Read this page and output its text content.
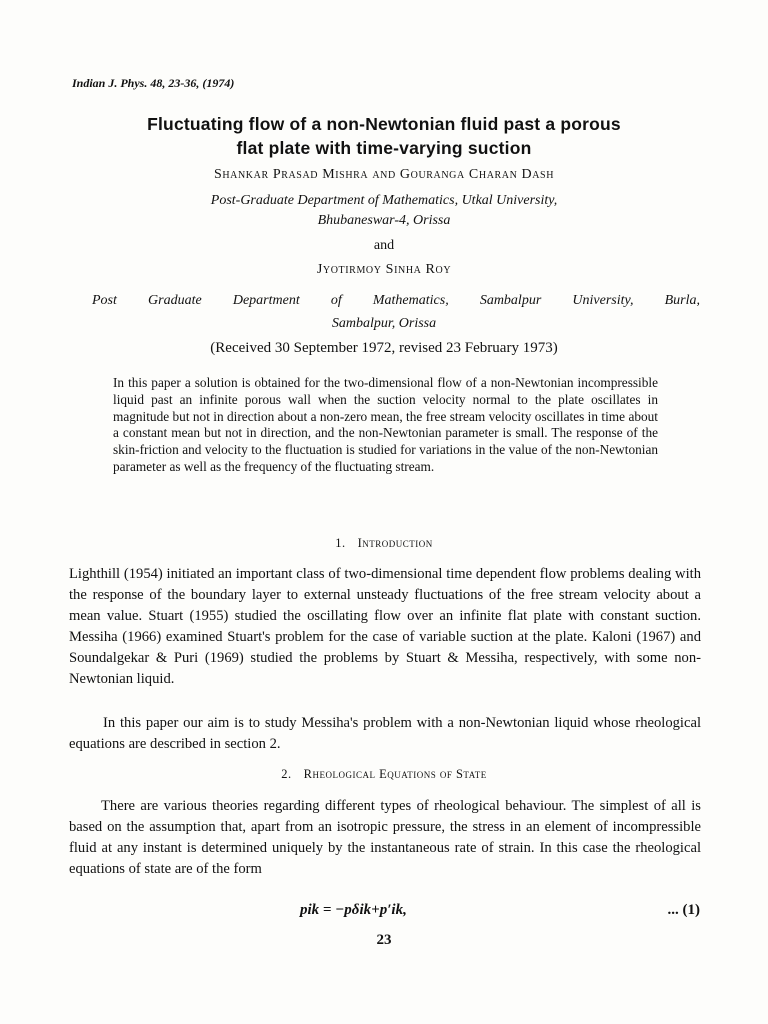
Indian J. Phys. 48, 23-36, (1974)
Fluctuating flow of a non-Newtonian fluid past a porous
flat plate with time-varying suction
Shankar Prasad Mishra and Gouranga Charan Dash
Post-Graduate Department of Mathematics, Utkal University,
Bhubaneswar-4, Orissa
and
Jyotirmoy Sinha Roy
Post Graduate Department of Mathematics, Sambalpur University, Burla,
Sambalpur, Orissa
(Received 30 September 1972, revised 23 February 1973)
In this paper a solution is obtained for the two-dimensional flow of a non-Newtonian incompressible liquid past an infinite porous wall when the suction velocity normal to the plate oscillates in magnitude but not in direction about a non-zero mean, the free stream velocity oscillates in time about a constant mean but not in direction, and the non-Newtonian parameter is small. The response of the skin-friction and velocity to the fluctuation is studied for variations in the value of the non-Newtonian parameter as well as the frequency of the fluctuating stream.
1. Introduction
Lighthill (1954) initiated an important class of two-dimensional time dependent flow problems dealing with the response of the boundary layer to external unsteady fluctuations of the free stream velocity about a mean value. Stuart (1955) studied the oscillating flow over an infinite flat plate with constant suction. Messiha (1966) examined Stuart's problem for the case of variable suction at the plate. Kaloni (1967) and Soundalgekar & Puri (1969) studied the problems by Stuart & Messiha, respectively, with some non-Newtonian liquid.
In this paper our aim is to study Messiha's problem with a non-Newtonian liquid whose rheological equations are described in section 2.
2. Rheological Equations of State
There are various theories regarding different types of rheological behaviour. The simplest of all is based on the assumption that, apart from an isotropic pressure, the stress in an element of incompressible fluid at any instant is determined uniquely by the instantaneous rate of strain. In this case the rheological equations of state are of the form
pik = −pδik+p′ik,	... (1)
23
